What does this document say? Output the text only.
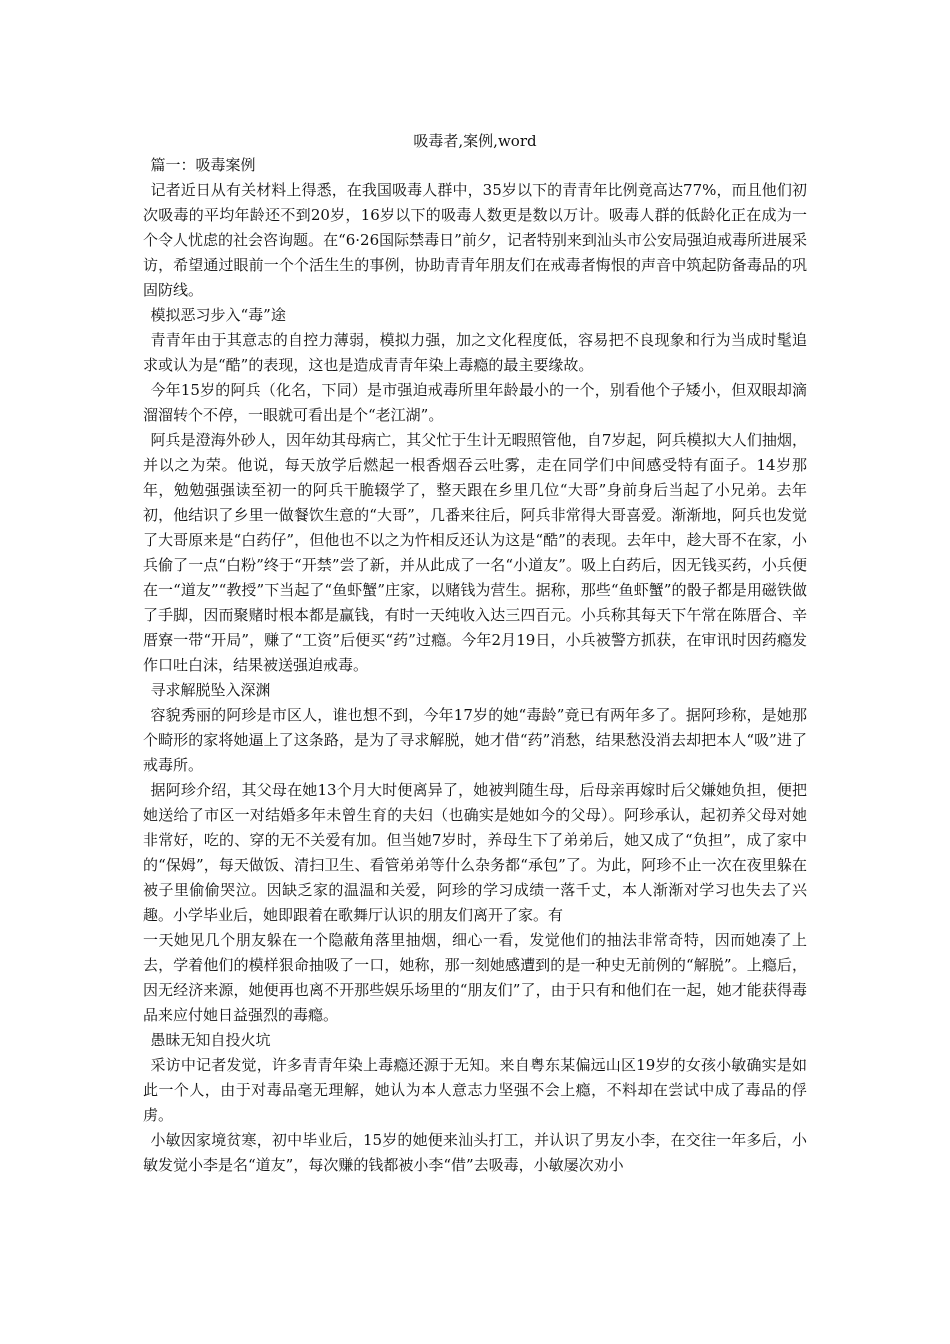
吸毒者,案例,word

篇一：吸毒案例

记者近日从有关材料上得悉，在我国吸毒人群中，35岁以下的青青年比例竟高达77%，而且他们初次吸毒的平均年龄还不到20岁，16岁以下的吸毒人数更是数以万计。吸毒人群的低龄化正在成为一个令人忧虑的社会咨询题。在“6·26国际禁毒日”前夕，记者特别来到汕头市公安局强迫戒毒所进展采访，希望通过眼前一个个活生生的事例，协助青青年朋友们在戒毒者悔恨的声音中筑起防备毒品的巩固防线。

模拟恶习步入“毒”途

青青年由于其意志的自控力薄弱，模拟力强，加之文化程度低，容易把不良现象和行为当成时髦追求或认为是“酷”的表现，这也是造成青青年染上毒瘾的最主要缘故。

今年15岁的阿兵（化名，下同）是市强迫戒毒所里年龄最小的一个，别看他个子矮小，但双眼却滴溜溜转个不停，一眼就可看出是个“老江湖”。

阿兵是澄海外砂人，因年幼其母病亡，其父忙于生计无暇照管他，自7岁起，阿兵模拟大人们抽烟，并以之为荣。他说，每天放学后燃起一根香烟吞云吐雾，走在同学们中间感受特有面子。14岁那年，勉勉强强读至初一的阿兵干脆辍学了，整天跟在乡里几位“大哥”身前身后当起了小兄弟。去年初，他结识了乡里一做餐饮生意的“大哥”，几番来往后，阿兵非常得大哥喜爱。渐渐地，阿兵也发觉了大哥原来是“白药仔”，但他也不以之为忤相反还认为这是“酷”的表现。去年中，趁大哥不在家，小兵偷了一点“白粉”终于“开禁”尝了新，并从此成了一名“小道友”。吸上白药后，因无钱买药，小兵便在一“道友”“教授”下当起了“鱼虾蟹”庄家，以赌钱为营生。据称，那些“鱼虾蟹”的骰子都是用磁铁做了手脚，因而聚赌时根本都是赢钱，有时一天纯收入达三四百元。小兵称其每天下午常在陈厝合、辛厝寮一带“开局”，赚了“工资”后便买“药”过瘾。今年2月19日，小兵被警方抓获，在审讯时因药瘾发作口吐白沫，结果被送强迫戒毒。

寻求解脱坠入深渊

容貌秀丽的阿珍是市区人，谁也想不到，今年17岁的她“毒龄”竟已有两年多了。据阿珍称，是她那个畸形的家将她逼上了这条路，是为了寻求解脱，她才借“药”消愁，结果愁没消去却把本人“吸”进了戒毒所。

据阿珍介绍，其父母在她13个月大时便离异了，她被判随生母，后母亲再嫁时后父嫌她负担，便把她送给了市区一对结婚多年未曾生育的夫妇（也确实是她如今的父母）。阿珍承认，起初养父母对她非常好，吃的、穿的无不关爱有加。但当她7岁时，养母生下了弟弟后，她又成了“负担”，成了家中的“保姆”，每天做饭、清扫卫生、看管弟弟等什么杂务都“承包”了。为此，阿珍不止一次在夜里躲在被子里偷偷哭泣。因缺乏家的温温和关爱，阿珍的学习成绩一落千丈，本人渐渐对学习也失去了兴趣。小学毕业后，她即跟着在歌舞厅认识的朋友们离开了家。有

一天她见几个朋友躲在一个隐蔽角落里抽烟，细心一看，发觉他们的抽法非常奇特，因而她凑了上去，学着他们的模样狠命抽吸了一口，她称，那一刻她感遭到的是一种史无前例的“解脱”。上瘾后，因无经济来源，她便再也离不开那些娱乐场里的“朋友们”了，由于只有和他们在一起，她才能获得毒品来应付她日益强烈的毒瘾。

愚昧无知自投火坑

采访中记者发觉，许多青青年染上毒瘾还源于无知。来自粤东某偏远山区19岁的女孩小敏确实是如此一个人，由于对毒品毫无理解，她认为本人意志力坚强不会上瘾，不料却在尝试中成了毒品的俘虏。

小敏因家境贫寒，初中毕业后，15岁的她便来汕头打工，并认识了男友小李，在交往一年多后，小敏发觉小李是名“道友”，每次赚的钱都被小李“借”去吸毒，小敏屡次劝小
